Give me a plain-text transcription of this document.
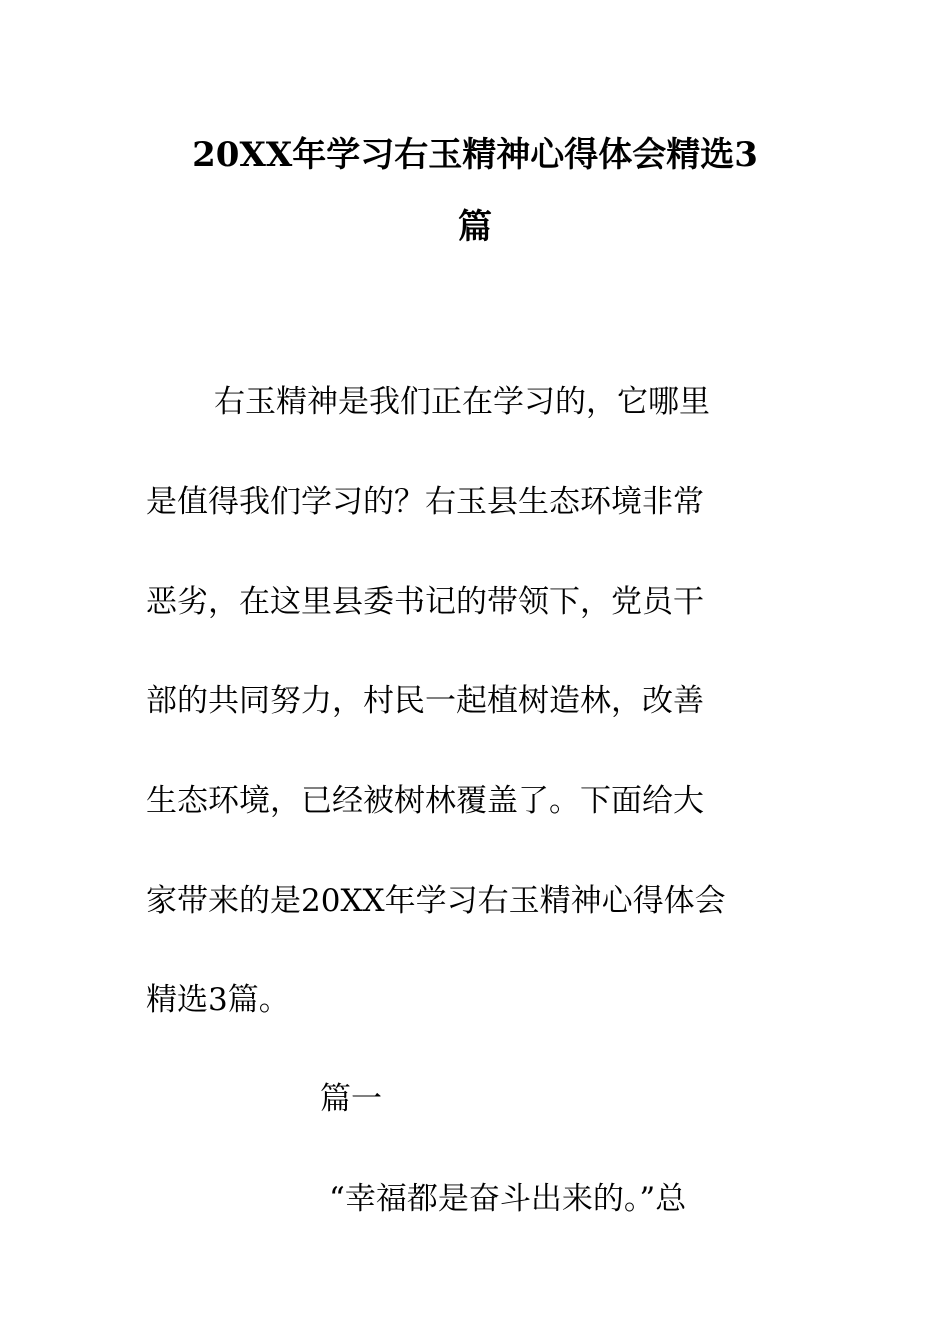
20XX年学习右玉精神心得体会精选3
篇
右玉精神是我们正在学习的，它哪里
是值得我们学习的？右玉县生态环境非常
恶劣，在这里县委书记的带领下，党员干
部的共同努力，村民一起植树造林，改善
生态环境，已经被树林覆盖了。下面给大
家带来的是20XX年学习右玉精神心得体会
精选3篇。
篇一
“幸福都是奋斗出来的。”总
